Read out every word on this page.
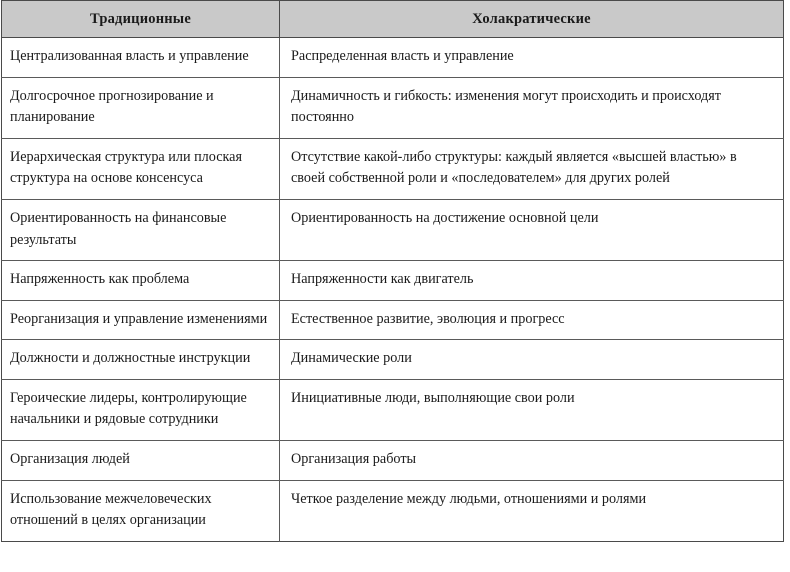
Традиционные	Холакратические
Централизованная власть и управление	Распределенная власть и управление
Долгосрочное прогнозирование и планирование	Динамичность и гибкость: изменения могут происходить и происходят постоянно
Иерархическая структура или плоская структура на основе консенсуса	Отсутствие какой-либо структуры: каждый является «высшей властью» в своей собственной роли и «последователем» для других ролей
Ориентированность на финансовые результаты	Ориентированность на достижение основной цели
Напряженность как проблема	Напряженности как двигатель
Реорганизация и управление изменениями	Естественное развитие, эволюция и прогресс
Должности и должностные инструкции	Динамические роли
Героические лидеры, контролирующие начальники и рядовые сотрудники	Инициативные люди, выполняющие свои роли
Организация людей	Организация работы
Использование межчеловеческих отношений в целях организации	Четкое разделение между людьми, отношениями и ролями
